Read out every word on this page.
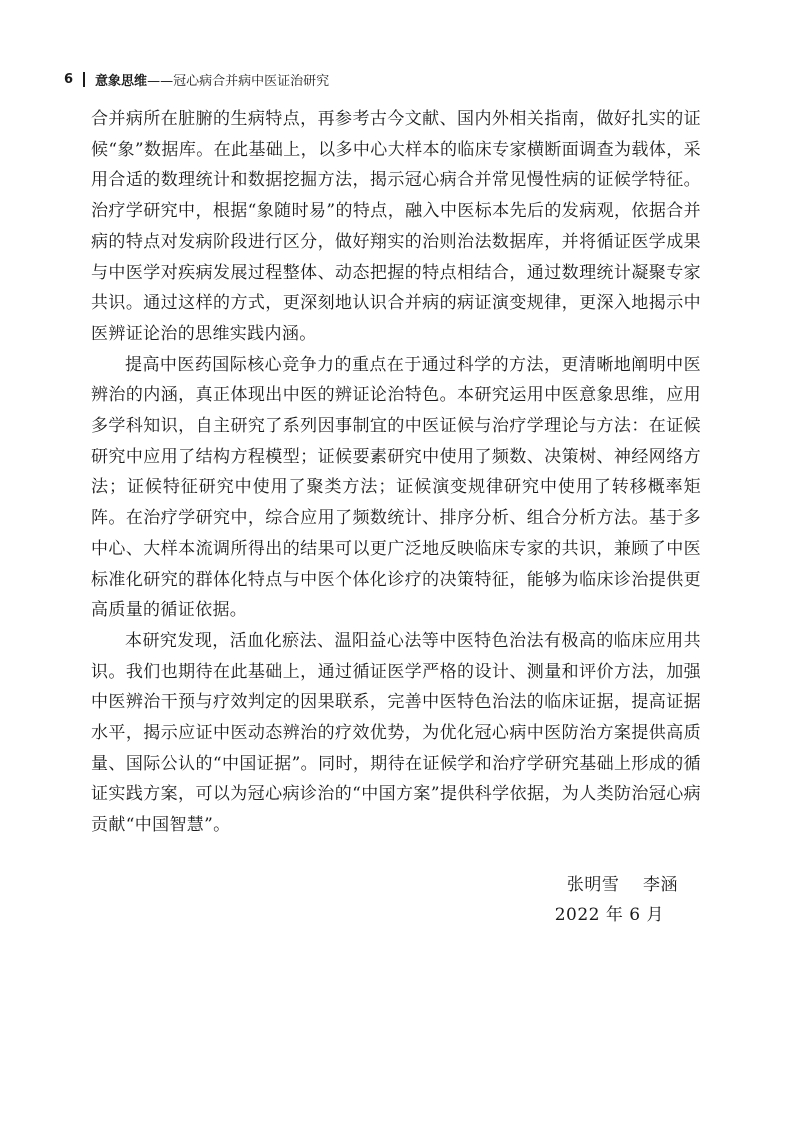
6 意象思维 ——冠心病合并病中医证治研究

合并病所在脏腑的生病特点，再参考古今文献、国内外相关指南，做好扎实的证候“象”数据库。在此基础上，以多中心大样本的临床专家横断面调查为载体，采用合适的数理统计和数据挖掘方法，揭示冠心病合并常见慢性病的证候学特征。治疗学研究中，根据“象随时易”的特点，融入中医标本先后的发病观，依据合并病的特点对发病阶段进行区分，做好翔实的治则治法数据库，并将循证医学成果与中医学对疾病发展过程整体、动态把握的特点相结合，通过数理统计凝聚专家共识。通过这样的方式，更深刻地认识合并病的病证演变规律，更深入地揭示中医辨证论治的思维实践内涵。

提高中医药国际核心竞争力的重点在于通过科学的方法，更清晰地阐明中医辨治的内涵，真正体现出中医的辨证论治特色。本研究运用中医意象思维，应用多学科知识，自主研究了系列因事制宜的中医证候与治疗学理论与方法：在证候研究中应用了结构方程模型；证候要素研究中使用了频数、决策树、神经网络方法；证候特征研究中使用了聚类方法；证候演变规律研究中使用了转移概率矩阵。在治疗学研究中，综合应用了频数统计、排序分析、组合分析方法。基于多中心、大样本流调所得出的结果可以更广泛地反映临床专家的共识，兼顾了中医标准化研究的群体化特点与中医个体化诊疗的决策特征，能够为临床诊治提供更高质量的循证依据。

本研究发现，活血化瘀法、温阳益心法等中医特色治法有极高的临床应用共识。我们也期待在此基础上，通过循证医学严格的设计、测量和评价方法，加强中医辨治干预与疗效判定的因果联系，完善中医特色治法的临床证据，提高证据水平，揭示应证中医动态辨治的疗效优势，为优化冠心病中医防治方案提供高质量、国际公认的“中国证据”。同时，期待在证候学和治疗学研究基础上形成的循证实践方案，可以为冠心病诊治的“中国方案”提供科学依据，为人类防治冠心病贡献“中国智慧”。

张明雪    李涵
2022 年 6 月
